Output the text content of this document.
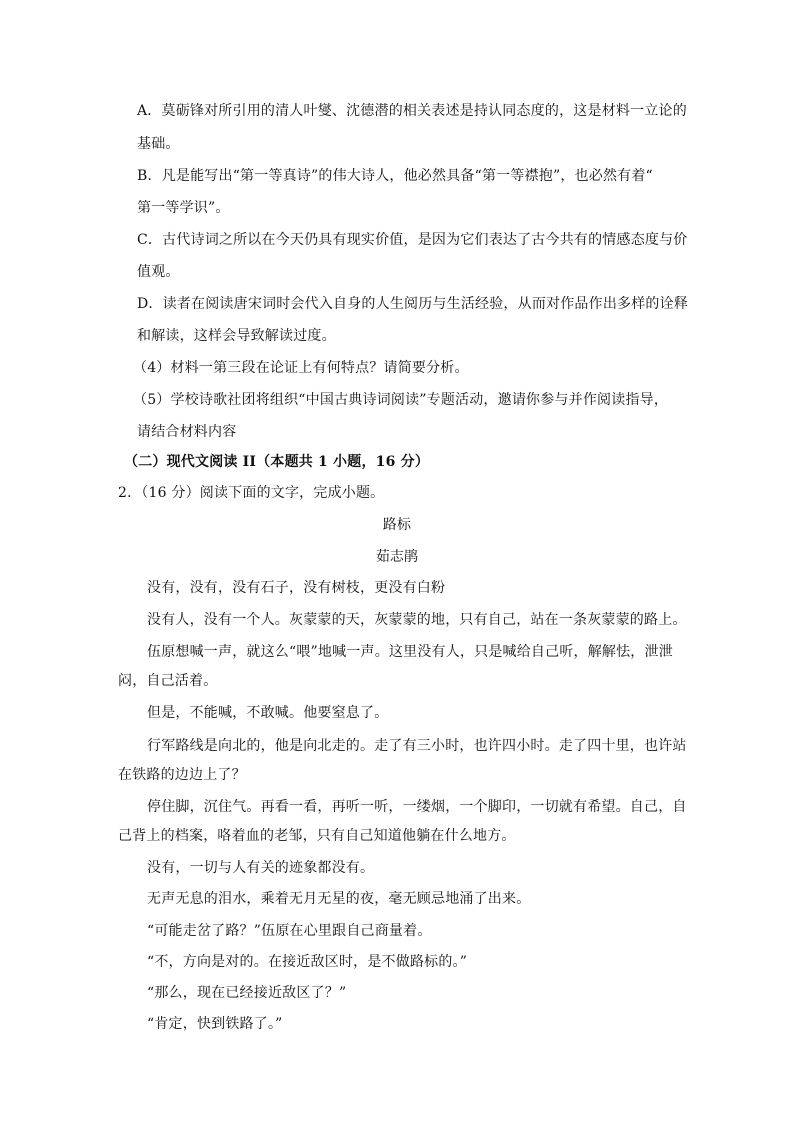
A．莫砺锋对所引用的清人叶燮、沈德潜的相关表述是持认同态度的，这是材料一立论的

基础。

B．凡是能写出“第一等真诗”的伟大诗人，他必然具备“第一等襟抱”，也必然有着“

第一等学识”。

C．古代诗词之所以在今天仍具有现实价值，是因为它们表达了古今共有的情感态度与价

值观。

D．读者在阅读唐宋词时会代入自身的人生阅历与生活经验，从而对作品作出多样的诠释

和解读，这样会导致解读过度。

（4）材料一第三段在论证上有何特点？请简要分析。

（5）学校诗歌社团将组织“中国古典诗词阅读”专题活动，邀请你参与并作阅读指导，

请结合材料内容

（二）现代文阅读 II（本题共 1 小题，16 分）

2．（16 分）阅读下面的文字，完成小题。

路标

茹志鹃

没有，没有，没有石子，没有树枝，更没有白粉

没有人，没有一个人。灰蒙蒙的天，灰蒙蒙的地，只有自己，站在一条灰蒙蒙的路上。

伍原想喊一声，就这么“喂”地喊一声。这里没有人，只是喊给自己听，解解怯，泄泄

闷，自己活着。

但是，不能喊，不敢喊。他要窒息了。

行军路线是向北的，他是向北走的。走了有三小时，也许四小时。走了四十里，也许站

在铁路的边边上了？

停住脚，沉住气。再看一看，再听一听，一缕烟，一个脚印，一切就有希望。自己，自

己背上的档案，咯着血的老邹，只有自己知道他躺在什么地方。

没有，一切与人有关的迹象都没有。

无声无息的泪水，乘着无月无星的夜，毫无顾忌地涌了出来。

“可能走岔了路？”伍原在心里跟自己商量着。

“不，方向是对的。在接近敌区时，是不做路标的。”

“那么，现在已经接近敌区了？”

“肯定，快到铁路了。”
